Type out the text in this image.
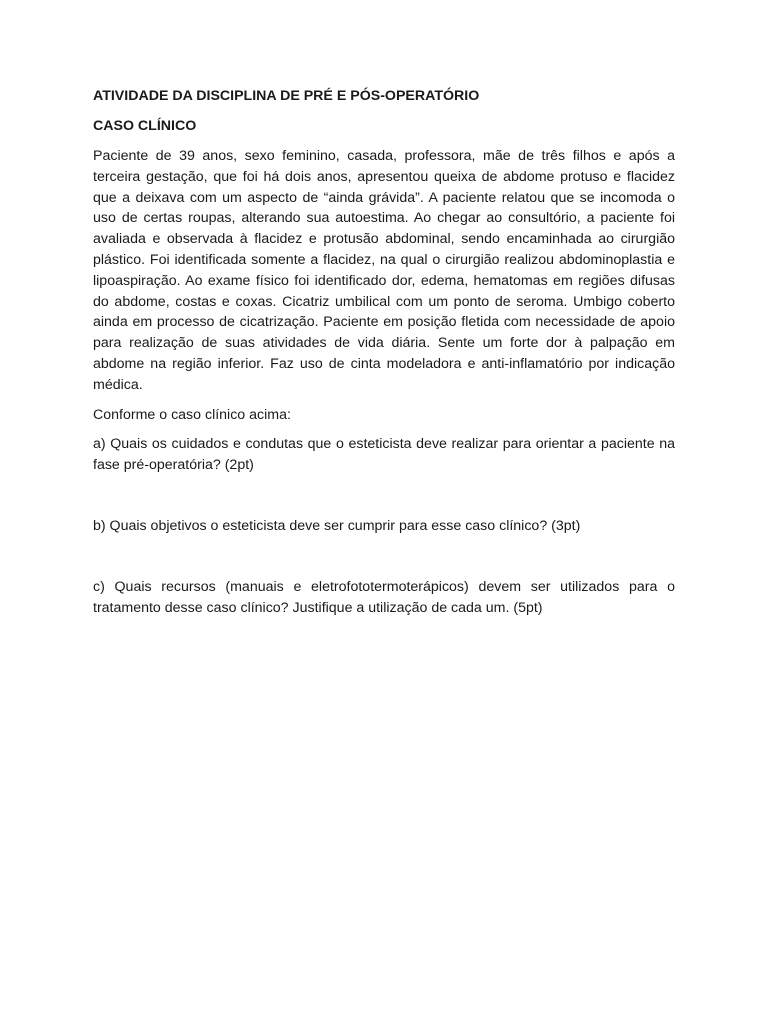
ATIVIDADE DA DISCIPLINA DE PRÉ E PÓS-OPERATÓRIO

CASO CLÍNICO

Paciente de 39 anos, sexo feminino, casada, professora, mãe de três filhos e após a terceira gestação, que foi há dois anos, apresentou queixa de abdome protuso e flacidez que a deixava com um aspecto de “ainda grávida”. A paciente relatou que se incomoda o uso de certas roupas, alterando sua autoestima. Ao chegar ao consultório, a paciente foi avaliada e observada à flacidez e protusão abdominal, sendo encaminhada ao cirurgião plástico. Foi identificada somente a flacidez, na qual o cirurgião realizou abdominoplastia e lipoaspiração. Ao exame físico foi identificado dor, edema, hematomas em regiões difusas do abdome, costas e coxas. Cicatriz umbilical com um ponto de seroma. Umbigo coberto ainda em processo de cicatrização. Paciente em posição fletida com necessidade de apoio para realização de suas atividades de vida diária. Sente um forte dor à palpação em abdome na região inferior. Faz uso de cinta modeladora e anti-inflamatório por indicação médica.

Conforme o caso clínico acima:

a) Quais os cuidados e condutas que o esteticista deve realizar para orientar a paciente na fase pré-operatória? (2pt)

b) Quais objetivos o esteticista deve ser cumprir para esse caso clínico? (3pt)

c) Quais recursos (manuais e eletrofototermoterápicos) devem ser utilizados para o tratamento desse caso clínico? Justifique a utilização de cada um. (5pt)
